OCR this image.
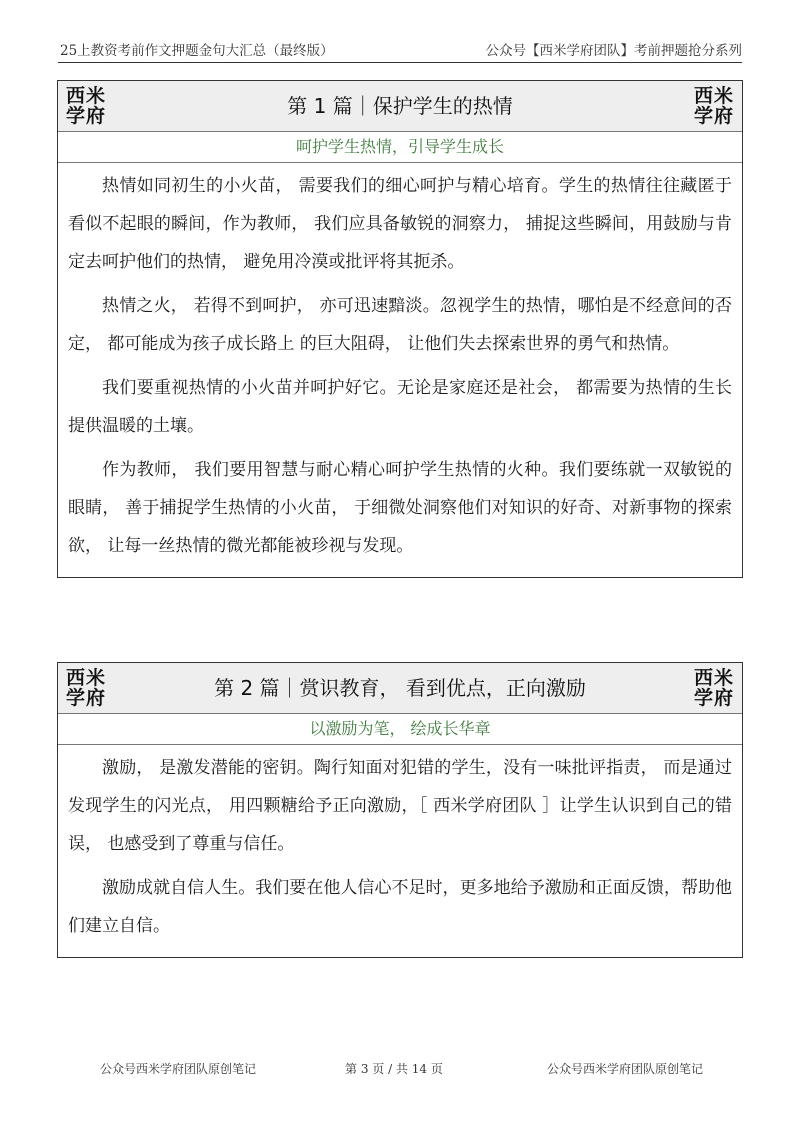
25上教资考前作文押题金句大汇总（最终版）	公众号【西米学府团队】考前押题抢分系列
西米
学府	第 1 篇｜保护学生的热情	西米
学府
呵护学生热情，引导学生成长

热情如同初生的小火苗， 需要我们的细心呵护与精心培育。学生的热情往往藏匿于看似不起眼的瞬间，作为教师， 我们应具备敏锐的洞察力， 捕捉这些瞬间，用鼓励与肯定去呵护他们的热情， 避免用冷漠或批评将其扼杀。

热情之火， 若得不到呵护， 亦可迅速黯淡。忽视学生的热情，哪怕是不经意间的否定， 都可能成为孩子成长路上 的巨大阻碍， 让他们失去探索世界的勇气和热情。

我们要重视热情的小火苗并呵护好它。无论是家庭还是社会， 都需要为热情的生长提供温暖的土壤。

作为教师， 我们要用智慧与耐心精心呵护学生热情的火种。我们要练就一双敏锐的眼睛， 善于捕捉学生热情的小火苗， 于细微处洞察他们对知识的好奇、对新事物的探索欲， 让每一丝热情的微光都能被珍视与发现。

西米
学府	第 2 篇｜赏识教育， 看到优点，正向激励	西米
学府
以激励为笔， 绘成长华章

激励， 是激发潜能的密钥。陶行知面对犯错的学生，没有一味批评指责， 而是通过发现学生的闪光点， 用四颗糖给予正向激励，［ 西米学府团队 ］让学生认识到自己的错误， 也感受到了尊重与信任。

激励成就自信人生。我们要在他人信心不足时，更多地给予激励和正面反馈，帮助他们建立自信。

公众号西米学府团队原创笔记	第 3 页 / 共 14 页	公众号西米学府团队原创笔记
